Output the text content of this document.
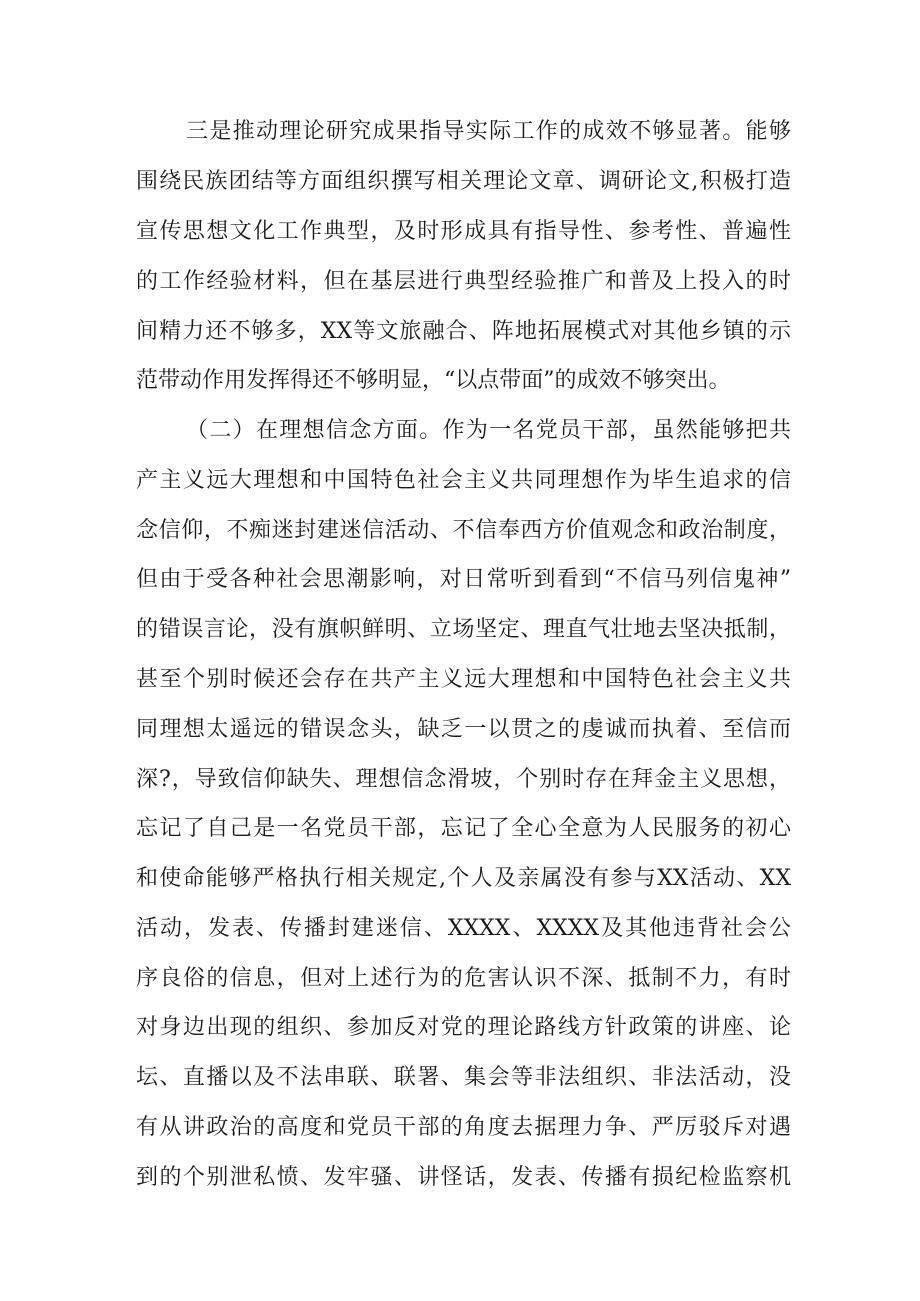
三是推动理论研究成果指导实际工作的成效不够显著。能够
围绕民族团结等方面组织撰写相关理论文章、调研论文,积极打造
宣传思想文化工作典型，及时形成具有指导性、参考性、普遍性
的工作经验材料，但在基层进行典型经验推广和普及上投入的时
间精力还不够多，XX等文旅融合、阵地拓展模式对其他乡镇的示
范带动作用发挥得还不够明显，“以点带面”的成效不够突出。
（二）在理想信念方面。作为一名党员干部，虽然能够把共
产主义远大理想和中国特色社会主义共同理想作为毕生追求的信
念信仰，不痴迷封建迷信活动、不信奉西方价值观念和政治制度，
但由于受各种社会思潮影响，对日常听到看到“不信马列信鬼神”
的错误言论，没有旗帜鲜明、立场坚定、理直气壮地去坚决抵制，
甚至个别时候还会存在共产主义远大理想和中国特色社会主义共
同理想太遥远的错误念头，缺乏一以贯之的虔诚而执着、至信而
深?，导致信仰缺失、理想信念滑坡，个别时存在拜金主义思想，
忘记了自己是一名党员干部，忘记了全心全意为人民服务的初心
和使命能够严格执行相关规定,个人及亲属没有参与XX活动、XX
活动，发表、传播封建迷信、XXXX、XXXX及其他违背社会公
序良俗的信息，但对上述行为的危害认识不深、抵制不力，有时
对身边出现的组织、参加反对党的理论路线方针政策的讲座、论
坛、直播以及不法串联、联署、集会等非法组织、非法活动，没
有从讲政治的高度和党员干部的角度去据理力争、严厉驳斥对遇
到的个别泄私愤、发牢骚、讲怪话，发表、传播有损纪检监察机
